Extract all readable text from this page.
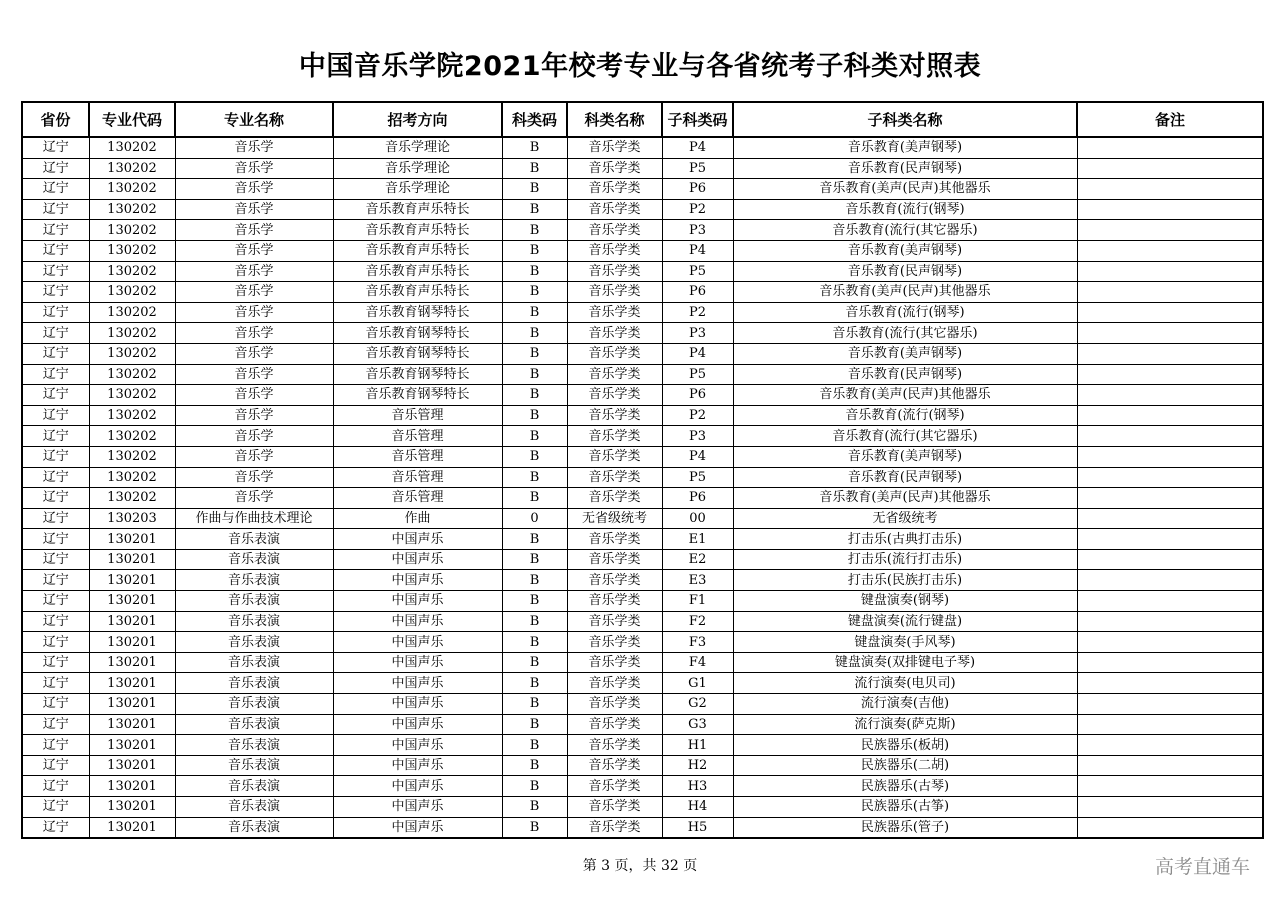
中国音乐学院2021年校考专业与各省统考子科类对照表
省份	专业代码	专业名称	招考方向	科类码	科类名称	子科类码	子科类名称	备注
辽宁	130202	音乐学	音乐学理论	B	音乐学类	P4	音乐教育(美声钢琴)	
辽宁	130202	音乐学	音乐学理论	B	音乐学类	P5	音乐教育(民声钢琴)	
辽宁	130202	音乐学	音乐学理论	B	音乐学类	P6	音乐教育(美声(民声)其他器乐	
辽宁	130202	音乐学	音乐教育声乐特长	B	音乐学类	P2	音乐教育(流行(钢琴)	
辽宁	130202	音乐学	音乐教育声乐特长	B	音乐学类	P3	音乐教育(流行(其它器乐)	
辽宁	130202	音乐学	音乐教育声乐特长	B	音乐学类	P4	音乐教育(美声钢琴)	
辽宁	130202	音乐学	音乐教育声乐特长	B	音乐学类	P5	音乐教育(民声钢琴)	
辽宁	130202	音乐学	音乐教育声乐特长	B	音乐学类	P6	音乐教育(美声(民声)其他器乐	
辽宁	130202	音乐学	音乐教育钢琴特长	B	音乐学类	P2	音乐教育(流行(钢琴)	
辽宁	130202	音乐学	音乐教育钢琴特长	B	音乐学类	P3	音乐教育(流行(其它器乐)	
辽宁	130202	音乐学	音乐教育钢琴特长	B	音乐学类	P4	音乐教育(美声钢琴)	
辽宁	130202	音乐学	音乐教育钢琴特长	B	音乐学类	P5	音乐教育(民声钢琴)	
辽宁	130202	音乐学	音乐教育钢琴特长	B	音乐学类	P6	音乐教育(美声(民声)其他器乐	
辽宁	130202	音乐学	音乐管理	B	音乐学类	P2	音乐教育(流行(钢琴)	
辽宁	130202	音乐学	音乐管理	B	音乐学类	P3	音乐教育(流行(其它器乐)	
辽宁	130202	音乐学	音乐管理	B	音乐学类	P4	音乐教育(美声钢琴)	
辽宁	130202	音乐学	音乐管理	B	音乐学类	P5	音乐教育(民声钢琴)	
辽宁	130202	音乐学	音乐管理	B	音乐学类	P6	音乐教育(美声(民声)其他器乐	
辽宁	130203	作曲与作曲技术理论	作曲	0	无省级统考	00	无省级统考	
辽宁	130201	音乐表演	中国声乐	B	音乐学类	E1	打击乐(古典打击乐)	
辽宁	130201	音乐表演	中国声乐	B	音乐学类	E2	打击乐(流行打击乐)	
辽宁	130201	音乐表演	中国声乐	B	音乐学类	E3	打击乐(民族打击乐)	
辽宁	130201	音乐表演	中国声乐	B	音乐学类	F1	键盘演奏(钢琴)	
辽宁	130201	音乐表演	中国声乐	B	音乐学类	F2	键盘演奏(流行键盘)	
辽宁	130201	音乐表演	中国声乐	B	音乐学类	F3	键盘演奏(手风琴)	
辽宁	130201	音乐表演	中国声乐	B	音乐学类	F4	键盘演奏(双排键电子琴)	
辽宁	130201	音乐表演	中国声乐	B	音乐学类	G1	流行演奏(电贝司)	
辽宁	130201	音乐表演	中国声乐	B	音乐学类	G2	流行演奏(吉他)	
辽宁	130201	音乐表演	中国声乐	B	音乐学类	G3	流行演奏(萨克斯)	
辽宁	130201	音乐表演	中国声乐	B	音乐学类	H1	民族器乐(板胡)	
辽宁	130201	音乐表演	中国声乐	B	音乐学类	H2	民族器乐(二胡)	
辽宁	130201	音乐表演	中国声乐	B	音乐学类	H3	民族器乐(古琴)	
辽宁	130201	音乐表演	中国声乐	B	音乐学类	H4	民族器乐(古筝)	
辽宁	130201	音乐表演	中国声乐	B	音乐学类	H5	民族器乐(管子)	
第 3 页，共 32 页	高考直通车
